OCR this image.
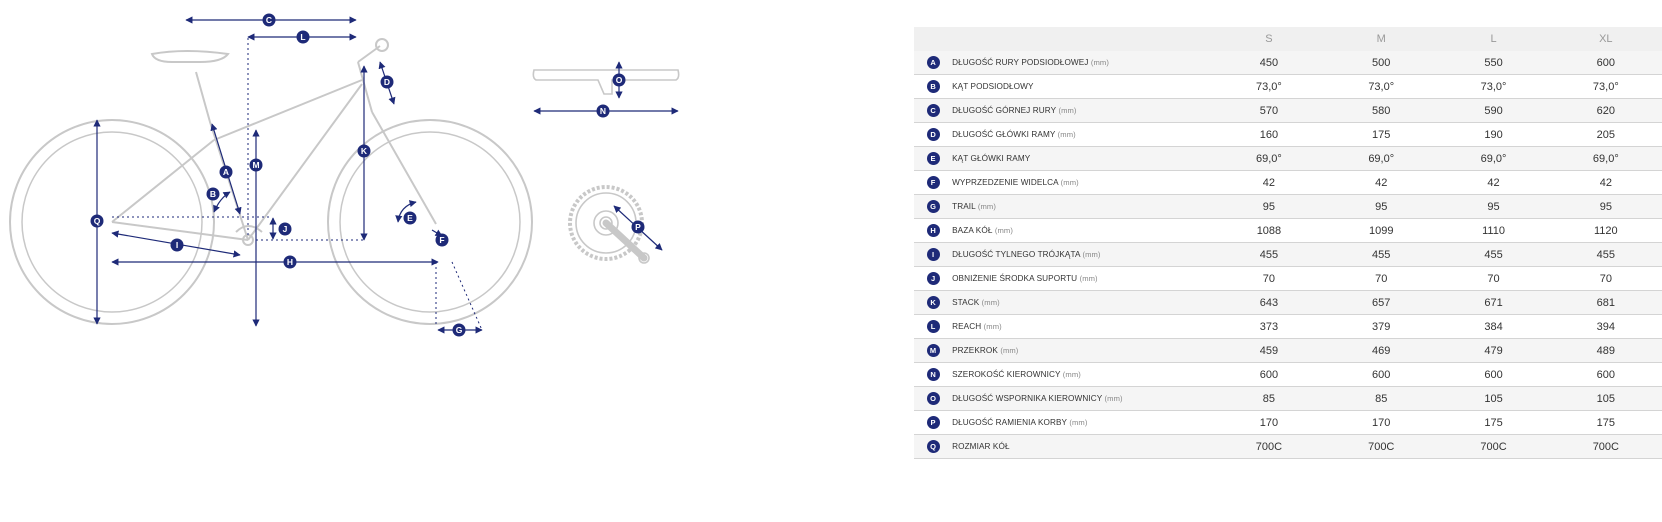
C
L
D
A
B
M
K
J
Q
I
H
E
F
G
O
N
P
		S	M	L	XL
A	DŁUGOŚĆ RURY PODSIODŁOWEJ (mm)	450	500	550	600
B	KĄT PODSIODŁOWY	73,0°	73,0°	73,0°	73,0°
C	DŁUGOŚĆ GÓRNEJ RURY (mm)	570	580	590	620
D	DŁUGOŚĆ GŁÓWKI RAMY (mm)	160	175	190	205
E	KĄT GŁÓWKI RAMY	69,0°	69,0°	69,0°	69,0°
F	WYPRZEDZENIE WIDELCA (mm)	42	42	42	42
G	TRAIL (mm)	95	95	95	95
H	BAZA KÓŁ (mm)	1088	1099	1110	1120
I	DŁUGOŚĆ TYLNEGO TRÓJKĄTA (mm)	455	455	455	455
J	OBNIŻENIE ŚRODKA SUPORTU (mm)	70	70	70	70
K	STACK (mm)	643	657	671	681
L	REACH (mm)	373	379	384	394
M	PRZEKROK (mm)	459	469	479	489
N	SZEROKOŚĆ KIEROWNICY (mm)	600	600	600	600
O	DŁUGOŚĆ WSPORNIKA KIEROWNICY (mm)	85	85	105	105
P	DŁUGOŚĆ RAMIENIA KORBY (mm)	170	170	175	175
Q	ROZMIAR KÓŁ	700C	700C	700C	700C
